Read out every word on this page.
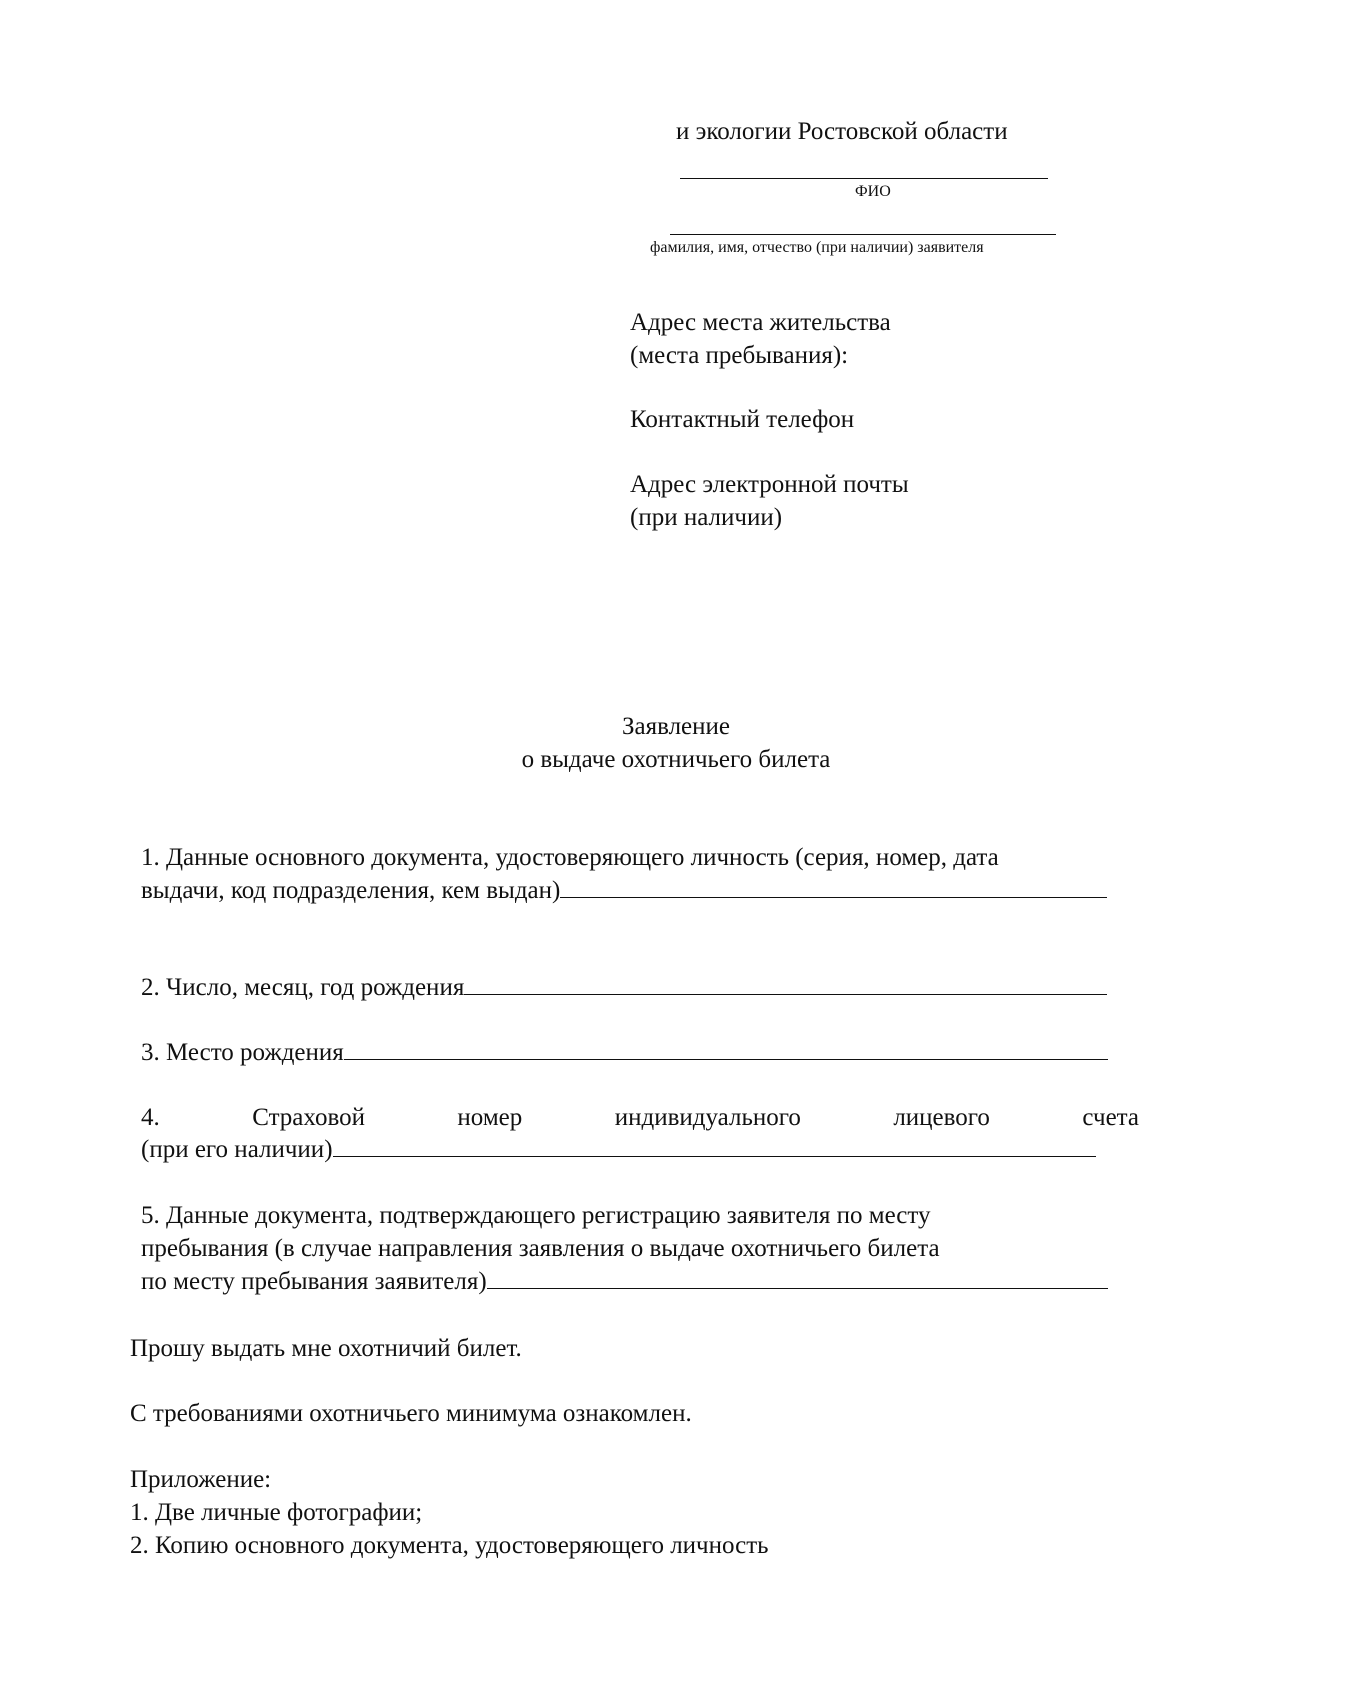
и экологии Ростовской области
ФИО
фамилия, имя, отчество (при наличии) заявителя
Адрес места жительства
(места пребывания):
Контактный телефон
Адрес электронной почты
(при наличии)
Заявление
о выдаче охотничьего билета
1. Данные основного документа, удостоверяющего личность (серия, номер, дата
выдачи, код подразделения, кем выдан)
2. Число, месяц, год рождения
3. Место рождения
4.	Страховой	номер	индивидуального	лицевого	счета
(при его наличии)
5. Данные документа, подтверждающего регистрацию заявителя по месту
пребывания (в случае направления заявления о выдаче охотничьего билета
по месту пребывания заявителя)
Прошу выдать мне охотничий билет.
С требованиями охотничьего минимума ознакомлен.
Приложение:
1. Две личные фотографии;
2. Копию основного документа, удостоверяющего личность
